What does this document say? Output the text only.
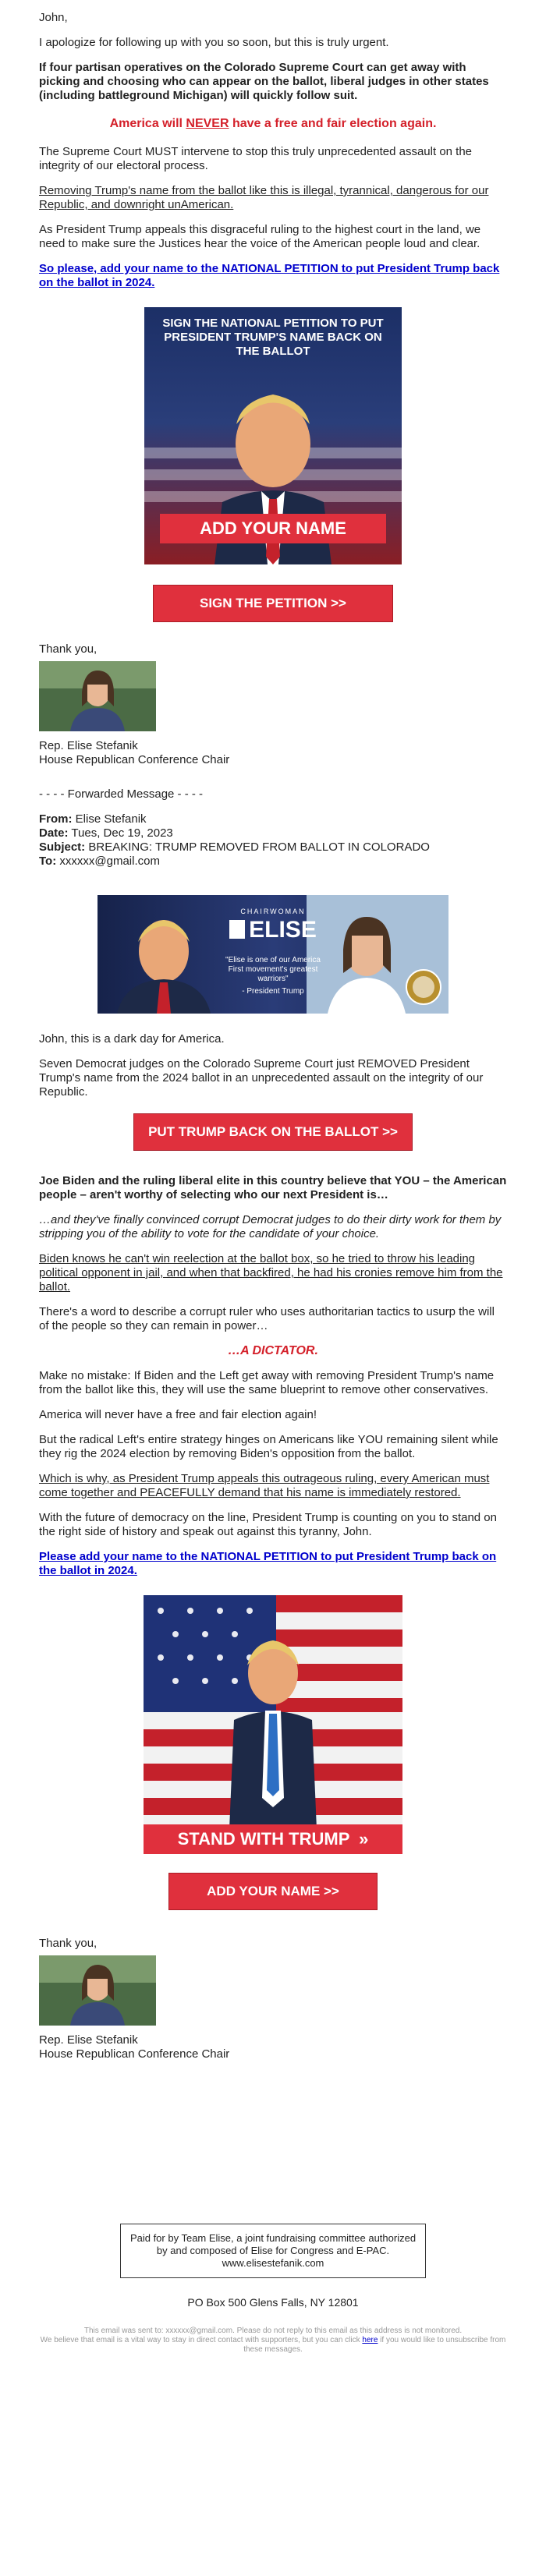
John,

I apologize for following up with you so soon, but this is truly urgent.

If four partisan operatives on the Colorado Supreme Court can get away with picking and choosing who can appear on the ballot, liberal judges in other states (including battleground Michigan) will quickly follow suit.

America will NEVER have a free and fair election again.

The Supreme Court MUST intervene to stop this truly unprecedented assault on the integrity of our electoral process.

Removing Trump's name from the ballot like this is illegal, tyrannical, dangerous for our Republic, and downright unAmerican.

As President Trump appeals this disgraceful ruling to the highest court in the land, we need to make sure the Justices hear the voice of the American people loud and clear.

So please, add your name to the NATIONAL PETITION to put President Trump back on the ballot in 2024.

SIGN THE NATIONAL PETITION TO PUT PRESIDENT TRUMP'S NAME BACK ON THE BALLOT
ADD YOUR NAME
SIGN THE PETITION >>

Thank you,

Rep. Elise Stefanik

House Republican Conference Chair

- - - - Forwarded Message - - - -

From: Elise Stefanik

Date: Tues, Dec 19, 2023

Subject: BREAKING: TRUMP REMOVED FROM BALLOT IN COLORADO

To: xxxxxx@gmail.com

CHAIRWOMAN
ELISE
"Elise is one of our America First movement's greatest warriors"
- President Trump

John, this is a dark day for America.

Seven Democrat judges on the Colorado Supreme Court just REMOVED President Trump's name from the 2024 ballot in an unprecedented assault on the integrity of our Republic.

PUT TRUMP BACK ON THE BALLOT >>

Joe Biden and the ruling liberal elite in this country believe that YOU – the American people – aren't worthy of selecting who our next President is…

…and they've finally convinced corrupt Democrat judges to do their dirty work for them by stripping you of the ability to vote for the candidate of your choice.

Biden knows he can't win reelection at the ballot box, so he tried to throw his leading political opponent in jail, and when that backfired, he had his cronies remove him from the ballot.

There's a word to describe a corrupt ruler who uses authoritarian tactics to usurp the will of the people so they can remain in power…

…A DICTATOR.

Make no mistake: If Biden and the Left get away with removing President Trump's name from the ballot like this, they will use the same blueprint to remove other conservatives.

America will never have a free and fair election again!

But the radical Left's entire strategy hinges on Americans like YOU remaining silent while they rig the 2024 election by removing Biden's opposition from the ballot.

Which is why, as President Trump appeals this outrageous ruling, every American must come together and PEACEFULLY demand that his name is immediately restored.

With the future of democracy on the line, President Trump is counting on you to stand on the right side of history and speak out against this tyranny, John.

Please add your name to the NATIONAL PETITION to put President Trump back on the ballot in 2024.

STAND WITH TRUMP »
ADD YOUR NAME >>

Thank you,

Rep. Elise Stefanik

House Republican Conference Chair

Paid for by Team Elise, a joint fundraising committee authorized by and composed of Elise for Congress and E-PAC. www.elisestefanik.com

PO Box 500 Glens Falls, NY 12801

This email was sent to: xxxxxx@gmail.com. Please do not reply to this email as this address is not monitored.
We believe that email is a vital way to stay in direct contact with supporters, but you can click here if you would like to unsubscribe from these messages.
